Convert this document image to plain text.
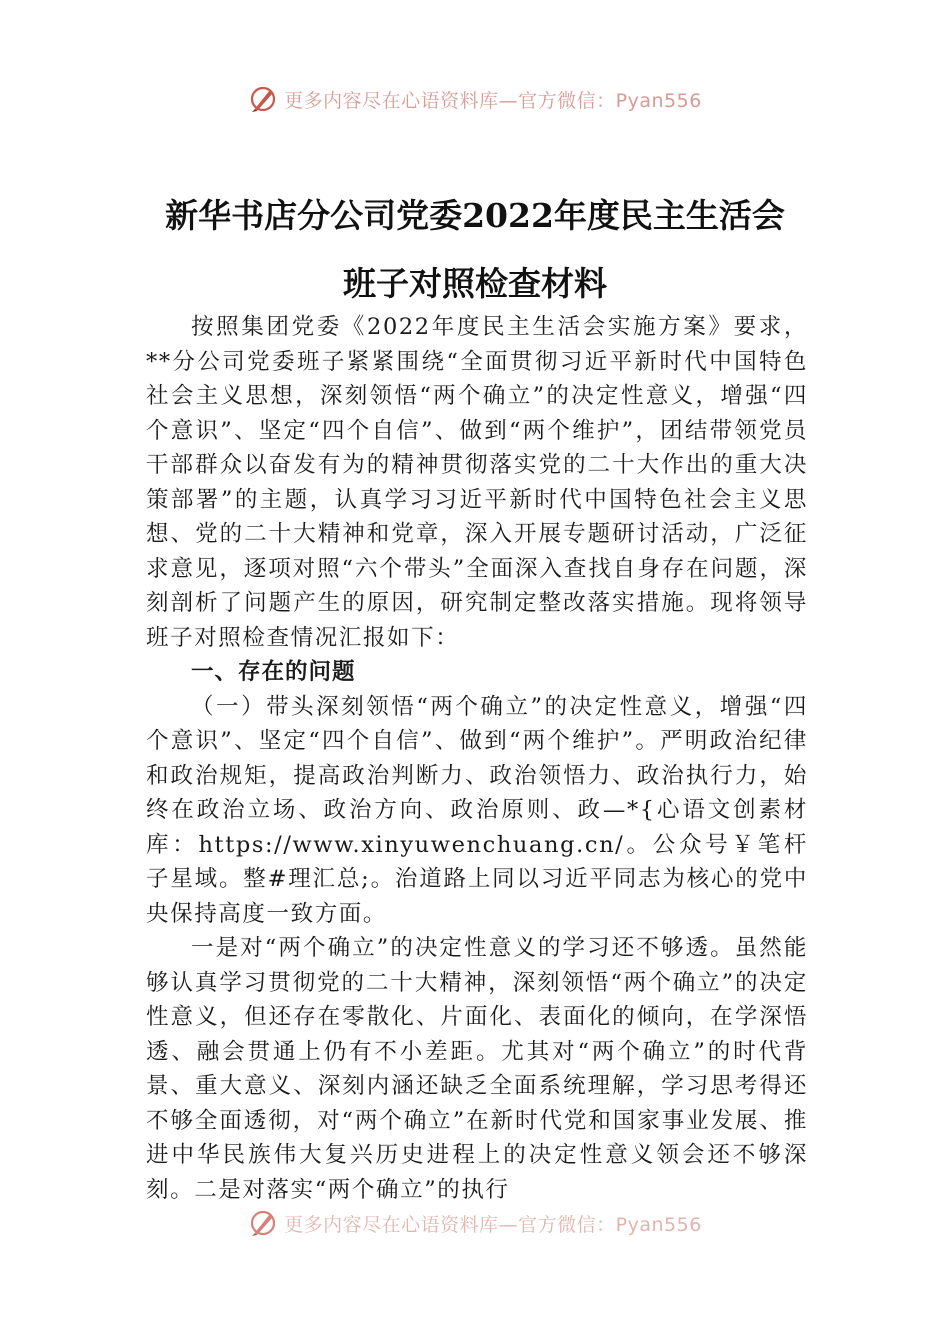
更多内容尽在心语资料库—官方微信：Pyan556
新华书店分公司党委2022年度民主生活会
班子对照检查材料

按照集团党委《2022年度民主生活会实施方案》要求，**分公司党委班子紧紧围绕“全面贯彻习近平新时代中国特色社会主义思想，深刻领悟“两个确立”的决定性意义，增强“四个意识”、坚定“四个自信”、做到“两个维护”，团结带领党员干部群众以奋发有为的精神贯彻落实党的二十大作出的重大决策部署”的主题，认真学习习近平新时代中国特色社会主义思想、党的二十大精神和党章，深入开展专题研讨活动，广泛征求意见，逐项对照“六个带头”全面深入查找自身存在问题，深刻剖析了问题产生的原因，研究制定整改落实措施。现将领导班子对照检查情况汇报如下：

一、存在的问题

（一）带头深刻领悟“两个确立”的决定性意义，增强“四个意识”、坚定“四个自信”、做到“两个维护”。严明政治纪律和政治规矩，提高政治判断力、政治领悟力、政治执行力，始终在政治立场、政治方向、政治原则、政—*{心语文创素材库：https://www.xinyuwenchuang.cn/。公众号￥笔杆子星域。整#理汇总;。治道路上同以习近平同志为核心的党中央保持高度一致方面。

一是对“两个确立”的决定性意义的学习还不够透。虽然能够认真学习贯彻党的二十大精神，深刻领悟“两个确立”的决定性意义，但还存在零散化、片面化、表面化的倾向，在学深悟透、融会贯通上仍有不小差距。尤其对“两个确立”的时代背景、重大意义、深刻内涵还缺乏全面系统理解，学习思考得还不够全面透彻，对“两个确立”在新时代党和国家事业发展、推进中华民族伟大复兴历史进程上的决定性意义领会还不够深刻。二是对落实“两个确立”的执行

更多内容尽在心语资料库—官方微信：Pyan556
